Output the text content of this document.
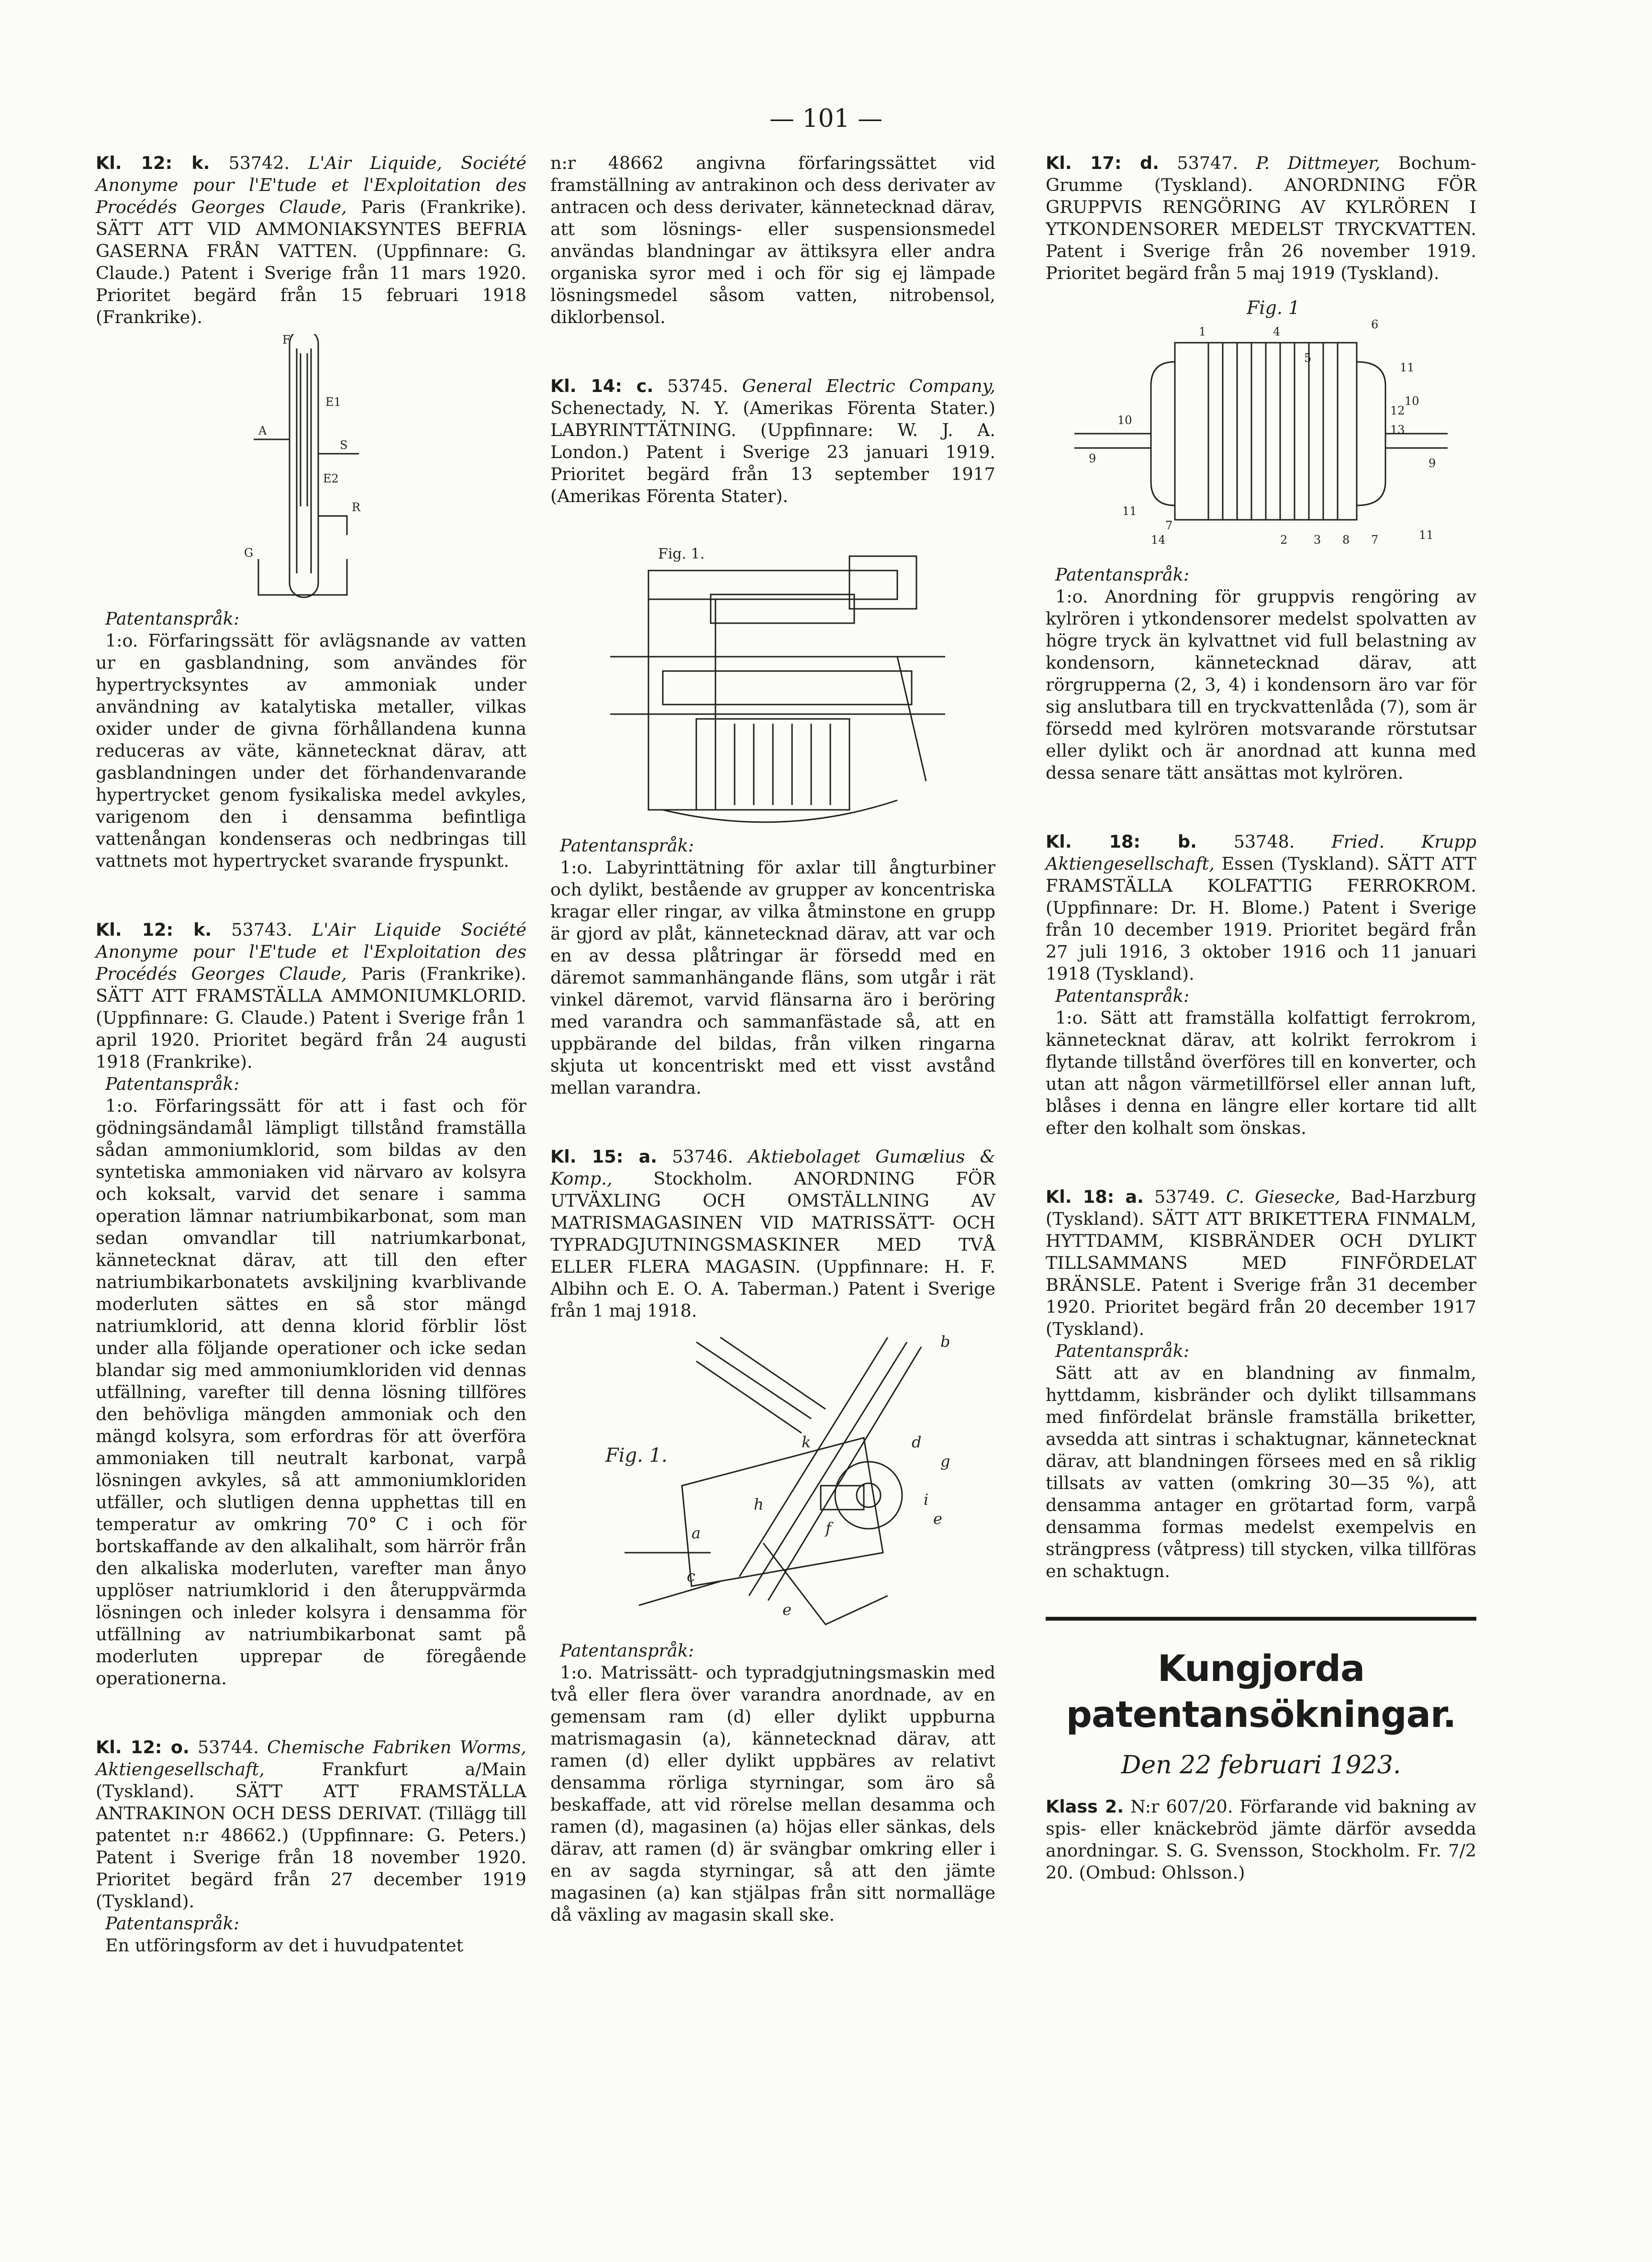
— 101 —

Kl. 12: k. 53742. L'Air Liquide, Société Anonyme pour l'E'tude et l'Exploitation des Procédés Georges Claude, Paris (Frankrike). SÄTT ATT VID AMMONIAKSYNTES BEFRIA GASERNA FRÅN VATTEN. (Uppfinnare: G. Claude.) Patent i Sverige från 11 mars 1920. Prioritet begärd från 15 februari 1918 (Frankrike).

F
E1
A
S
E2
R
G

Patentanspråk:

1:o. Förfaringssätt för avlägsnande av vatten ur en gasblandning, som användes för hypertrycksyntes av ammoniak under användning av katalytiska metaller, vilkas oxider under de givna förhållandena kunna reduceras av väte, kännetecknat därav, att gasblandningen under det förhandenvarande hypertrycket genom fysikaliska medel avkyles, varigenom den i densamma befintliga vattenångan kondenseras och nedbringas till vattnets mot hypertrycket svarande fryspunkt.

Kl. 12: k. 53743. L'Air Liquide Société Anonyme pour l'E'tude et l'Exploitation des Procédés Georges Claude, Paris (Frankrike). SÄTT ATT FRAMSTÄLLA AMMONIUMKLORID. (Uppfinnare: G. Claude.) Patent i Sverige från 1 april 1920. Prioritet begärd från 24 augusti 1918 (Frankrike).

Patentanspråk:

1:o. Förfaringssätt för att i fast och för gödningsändamål lämpligt tillstånd framställa sådan ammoniumklorid, som bildas av den syntetiska ammoniaken vid närvaro av kolsyra och koksalt, varvid det senare i samma operation lämnar natriumbikarbonat, som man sedan omvandlar till natriumkarbonat, kännetecknat därav, att till den efter natriumbikarbonatets avskiljning kvarblivande moderluten sättes en så stor mängd natriumklorid, att denna klorid förblir löst under alla följande operationer och icke sedan blandar sig med ammoniumkloriden vid dennas utfällning, varefter till denna lösning tillföres den behövliga mängden ammoniak och den mängd kolsyra, som erfordras för att överföra ammoniaken till neutralt karbonat, varpå lösningen avkyles, så att ammoniumkloriden utfäller, och slutligen denna upphettas till en temperatur av omkring 70° C i och för bortskaffande av den alkalihalt, som härrör från den alkaliska moderluten, varefter man ånyo upplöser natriumklorid i den återuppvärmda lösningen och inleder kolsyra i densamma för utfällning av natriumbikarbonat samt på moderluten upprepar de föregående operationerna.

Kl. 12: o. 53744. Chemische Fabriken Worms, Aktiengesellschaft,	Frankfurt a/Main (Tyskland). SÄTT ATT FRAMSTÄLLA ANTRAKINON OCH DESS DERIVAT. (Tillägg till patentet n:r 48662.) (Uppfinnare: G. Peters.) Patent i Sverige från 18 november 1920. Prioritet begärd från 27 december 1919 (Tyskland).

Patentanspråk:

En utföringsform av det i huvudpatentet

n:r 48662 angivna förfaringssättet vid framställning av antrakinon och dess derivater av antracen och dess derivater, kännetecknad därav, att som lösnings- eller suspensionsmedel användas blandningar av ättiksyra eller andra organiska syror med i och för sig ej lämpade lösningsmedel såsom vatten, nitrobensol, diklorbensol.

Kl. 14: c. 53745. General Electric Company, Schenectady, N. Y. (Amerikas Förenta Stater.) LABYRINTTÄTNING. (Uppfinnare: W. J. A. London.) Patent i Sverige 23 januari 1919. Prioritet begärd från 13 september 1917 (Amerikas Förenta Stater).

Fig. 1.

Patentanspråk:

1:o. Labyrinttätning för axlar till ångturbiner och dylikt, bestående av grupper av koncentriska kragar eller ringar, av vilka åtminstone en grupp är gjord av plåt, kännetecknad därav, att var och en av dessa plåtringar är försedd med en däremot sammanhängande fläns, som utgår i rät vinkel däremot, varvid flänsarna äro i beröring med varandra och sammanfästade så, att en uppbärande del bildas, från vilken ringarna skjuta ut koncentriskt med ett visst avstånd mellan varandra.

Kl. 15: a. 53746. Aktiebolaget Gumælius & Komp., Stockholm. ANORDNING FÖR UTVÄXLING OCH OMSTÄLLNING AV MATRISMAGASINEN VID MATRISSÄTT- OCH TYPRADGJUTNINGSMASKINER MED TVÅ ELLER FLERA MAGASIN. (Uppfinnare: H. F. Albihn och E. O. A. Taberman.) Patent i Sverige från 1 maj 1918.

Fig. 1.
b
k	d
g
i
e
h
a
c
f
e

Patentanspråk:

1:o. Matrissätt- och typradgjutningsmaskin med två eller flera över varandra anordnade, av en gemensam ram (d) eller dylikt uppburna matrismagasin (a), kännetecknad därav, att ramen (d) eller dylikt uppbäres av relativt densamma rörliga styrningar, som äro så beskaffade, att vid rörelse mellan desamma och ramen (d), magasinen (a) höjas eller sänkas, dels därav, att ramen (d) är svängbar omkring eller i en av sagda styrningar, så att den jämte magasinen (a) kan stjälpas från sitt normalläge då växling av magasin skall ske.

Kl. 17: d. 53747. P. Dittmeyer, Bochum-Grumme (Tyskland). ANORDNING FÖR GRUPPVIS RENGÖRING AV KYLRÖREN I YTKONDENSORER MEDELST TRYCKVATTEN. Patent i Sverige från 26 november 1919. Prioritet begärd från 5 maj 1919 (Tyskland).

Fig. 1
1	4
6
5
11
12
10
13
9
11
7
14	2 3 8 7
11
9
10

Patentanspråk:

1:o. Anordning för gruppvis rengöring av kylrören i ytkondensorer medelst spolvatten av högre tryck än kylvattnet vid full belastning av kondensorn, kännetecknad därav, att rörgrupperna (2, 3, 4) i kondensorn äro var för sig anslutbara till en tryckvattenlåda (7), som är försedd med kylrören motsvarande rörstutsar eller dylikt och är anordnad att kunna med dessa senare tätt ansättas mot kylrören.

Kl. 18: b. 53748. Fried. Krupp Aktiengesellschaft, Essen (Tyskland). SÄTT ATT FRAMSTÄLLA KOLFATTIG FERROKROM. (Uppfinnare: Dr. H. Blome.) Patent i Sverige från 10 december 1919. Prioritet begärd från 27 juli 1916, 3 oktober 1916 och 11 januari 1918 (Tyskland).

Patentanspråk:

1:o. Sätt att framställa kolfattigt ferrokrom, kännetecknat därav, att kolrikt ferrokrom i flytande tillstånd överföres till en konverter, och utan att någon värmetillförsel eller annan luft, blåses i denna en längre eller kortare tid allt efter den kolhalt som önskas.

Kl. 18: a. 53749. C. Giesecke, Bad-Harzburg (Tyskland). SÄTT ATT BRIKETTERA FINMALM, HYTTDAMM, KISBRÄNDER OCH DYLIKT TILLSAMMANS MED FINFÖRDELAT BRÄNSLE. Patent i Sverige från 31 december 1920. Prioritet begärd från 20 december 1917 (Tyskland).

Patentanspråk:

Sätt att av en blandning av finmalm, hyttdamm, kisbränder och dylikt tillsammans med finfördelat bränsle framställa briketter, avsedda att sintras i schaktugnar, kännetecknat därav, att blandningen försees med en så riklig tillsats av vatten (omkring 30—35 %), att densamma antager en grötartad form, varpå densamma formas medelst exempelvis en strängpress (våtpress) till stycken, vilka tillföras en schaktugn.

Kungjorda patentansökningar.

Den 22 februari 1923.

Klass 2. N:r 607/20. Förfarande vid bakning av spis- eller knäckebröd jämte därför avsedda anordningar. S. G. Svensson, Stockholm. Fr. 7/2 20. (Ombud: Ohlsson.)
